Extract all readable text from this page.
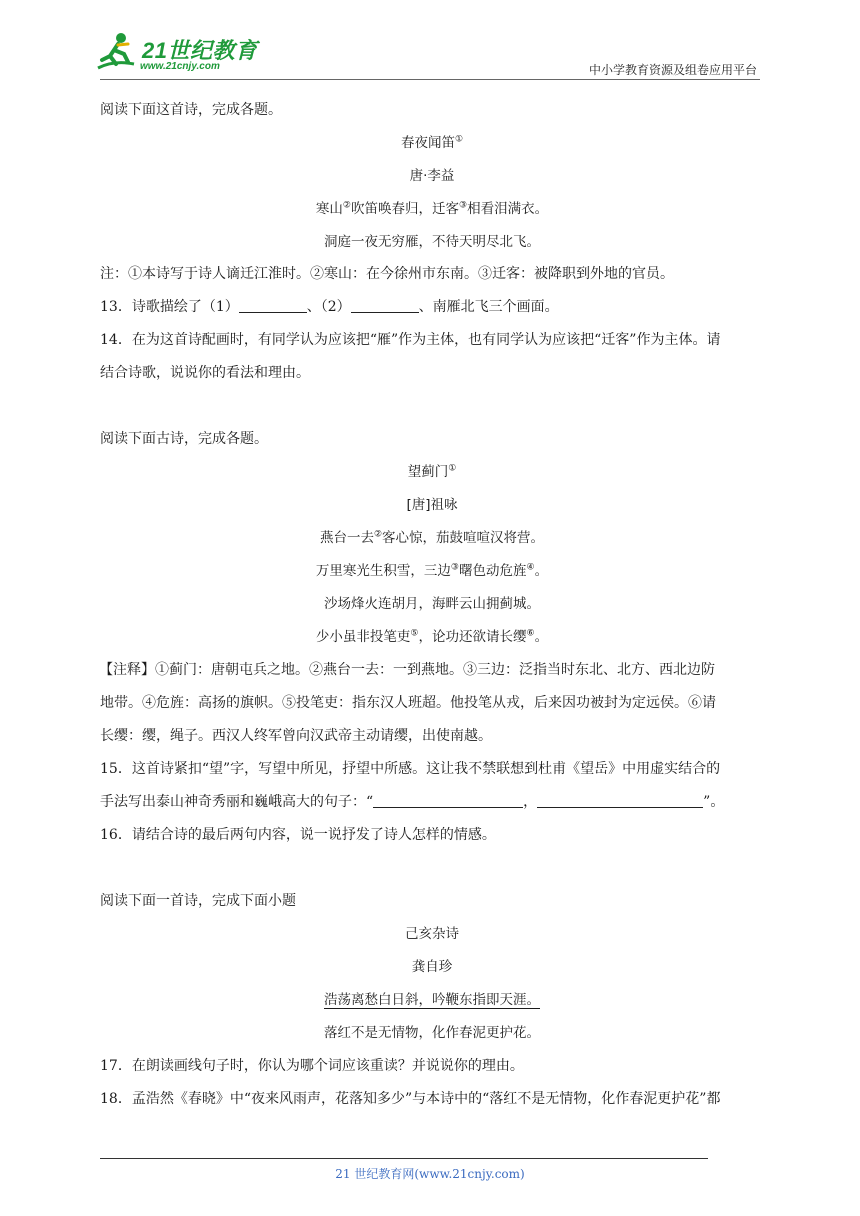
21世纪教育
www.21cnjy.com	中小学教育资源及组卷应用平台

阅读下面这首诗，完成各题。

春夜闻笛①

唐·李益

寒山②吹笛唤春归，迁客③相看泪满衣。

洞庭一夜无穷雁，不待天明尽北飞。

注：①本诗写于诗人谪迁江淮时。②寒山：在今徐州市东南。③迁客：被降职到外地的官员。

13．诗歌描绘了（1）	、（2）	、南雁北飞三个画面。

14．在为这首诗配画时，有同学认为应该把“雁”作为主体，也有同学认为应该把“迁客”作为主体。请

结合诗歌，说说你的看法和理由。

阅读下面古诗，完成各题。

望蓟门①

[唐]祖咏

燕台一去②客心惊，茄鼓喧喧汉将营。

万里寒光生积雪，三边③曙色动危旌④。

沙场烽火连胡月，海畔云山拥蓟城。

少小虽非投笔吏⑤，论功还欲请长缨⑥。

【注释】①蓟门：唐朝屯兵之地。②燕台一去：一到燕地。③三边：泛指当时东北、北方、西北边防

地带。④危旌：高扬的旗帜。⑤投笔吏：指东汉人班超。他投笔从戎，后来因功被封为定远侯。⑥请

长缨：缨，绳子。西汉人终军曾向汉武帝主动请缨，出使南越。

15．这首诗紧扣“望”字，写望中所见，抒望中所感。这让我不禁联想到杜甫《望岳》中用虚实结合的

手法写出泰山神奇秀丽和巍峨高大的句子：“	，	”。

16．请结合诗的最后两句内容，说一说抒发了诗人怎样的情感。

阅读下面一首诗，完成下面小题

己亥杂诗

龚自珍

浩荡离愁白日斜，吟鞭东指即天涯。

落红不是无情物，化作春泥更护花。

17．在朗读画线句子时，你认为哪个词应该重读？并说说你的理由。

18．孟浩然《春晓》中“夜来风雨声，花落知多少”与本诗中的“落红不是无情物，化作春泥更护花”都

21 世纪教育网(www.21cnjy.com)
